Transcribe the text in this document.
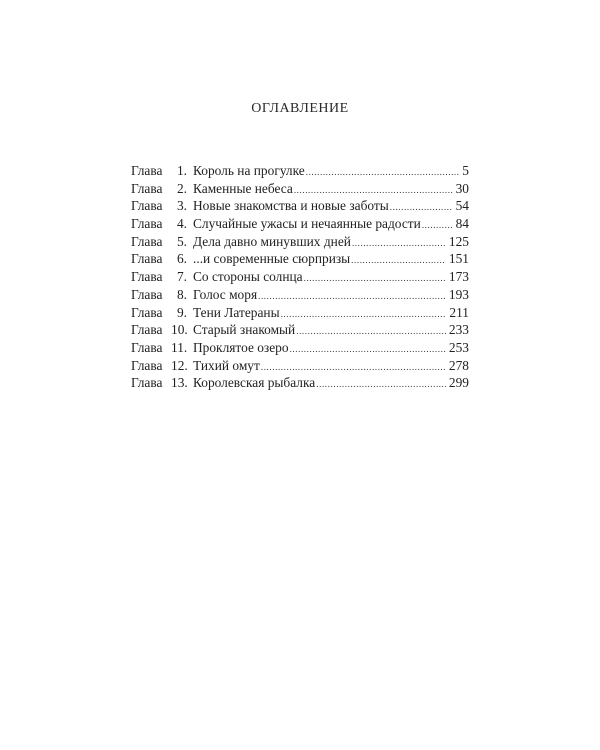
ОГЛАВЛЕНИЕ
Глава	1. Король на прогулке .....	5
Глава	2. Каменные небеса .....	30
Глава	3. Новые знакомства и новые заботы .....	54
Глава	4. Случайные ужасы и нечаянные радости .....	84
Глава	5. Дела давно минувших дней .....	125
Глава	6. ...и современные сюрпризы .....	151
Глава	7. Со стороны солнца .....	173
Глава	8. Голос моря .....	193
Глава	9. Тени Латераны .....	211
Глава 10. Старый знакомый .....	233
Глава 11. Проклятое озеро .....	253
Глава 12. Тихий омут .....	278
Глава 13. Королевская рыбалка .....	299
